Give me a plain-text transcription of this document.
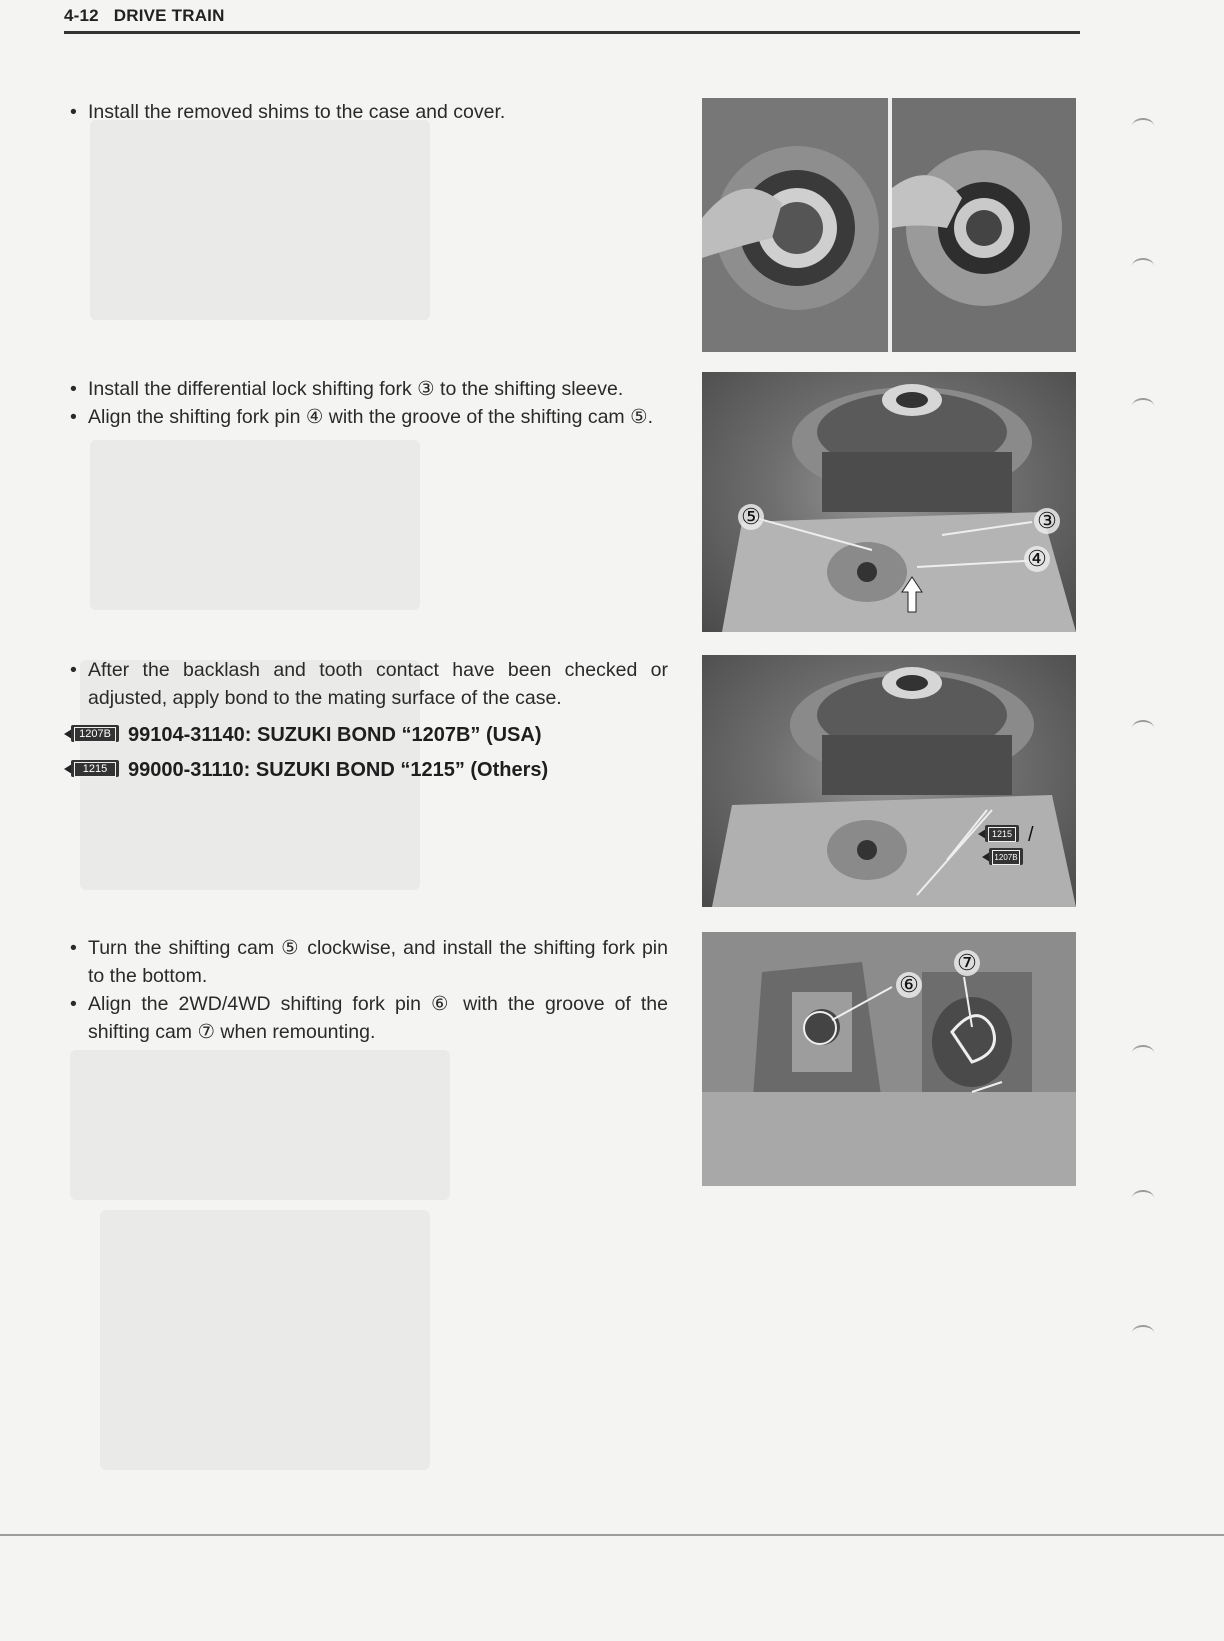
4-12 DRIVE TRAIN
• Install the removed shims to the case and cover.
• Install the differential lock shifting fork ③ to the shifting sleeve.
• Align the shifting fork pin ④ with the groove of the shifting cam ⑤.
• After the backlash and tooth contact have been checked or adjusted, apply bond to the mating surface of the case.
1207B 99104-31140: SUZUKI BOND “1207B” (USA)
1215	99000-31110: SUZUKI BOND “1215” (Others)
• Turn the shifting cam ⑤ clockwise, and install the shifting fork pin to the bottom.
• Align the 2WD/4WD shifting fork pin ⑥ with the groove of the shifting cam ⑦ when remounting.
⑤	③
④
1215 /
1207B
⑦
⑥
